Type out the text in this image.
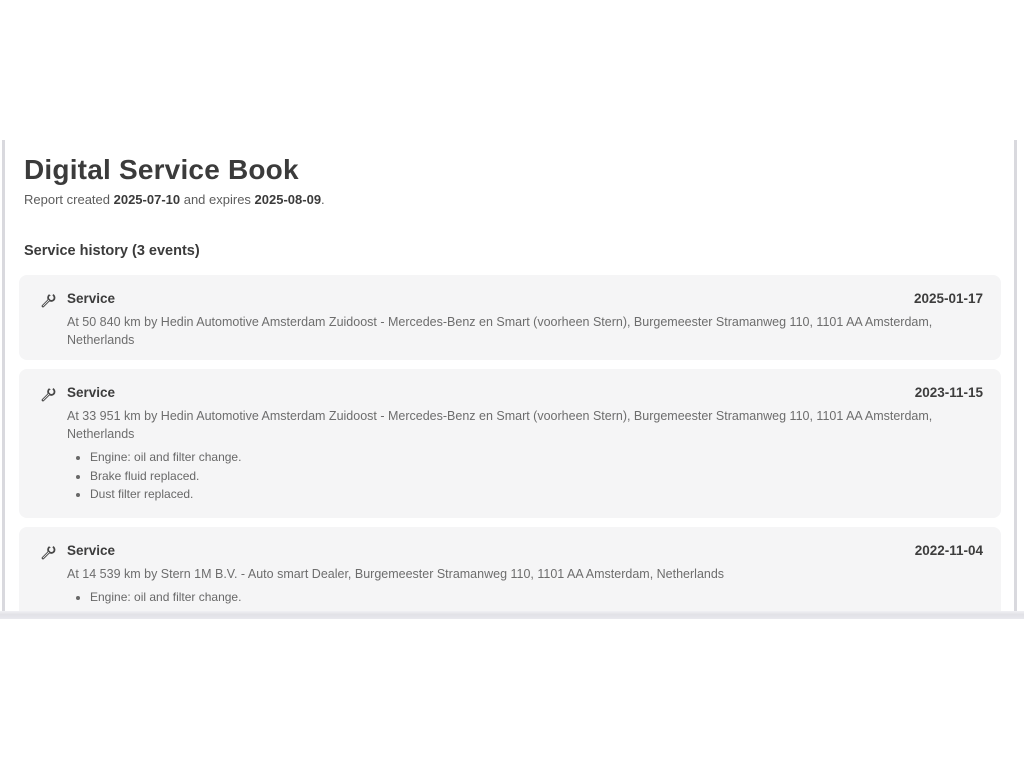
Digital Service Book

Report created 2025-07-10 and expires 2025-08-09.

Service history (3 events)
Service	2025-01-17
At 50 840 km by Hedin Automotive Amsterdam Zuidoost - Mercedes-Benz en Smart (voorheen Stern), Burgemeester Stramanweg 110, 1101 AA Amsterdam, Netherlands
Service	2023-11-15
At 33 951 km by Hedin Automotive Amsterdam Zuidoost - Mercedes-Benz en Smart (voorheen Stern), Burgemeester Stramanweg 110, 1101 AA Amsterdam, Netherlands
• Engine: oil and filter change.
• Brake fluid replaced.
• Dust filter replaced.
Service	2022-11-04
At 14 539 km by Stern 1M B.V. - Auto smart Dealer, Burgemeester Stramanweg 110, 1101 AA Amsterdam, Netherlands
• Engine: oil and filter change.
